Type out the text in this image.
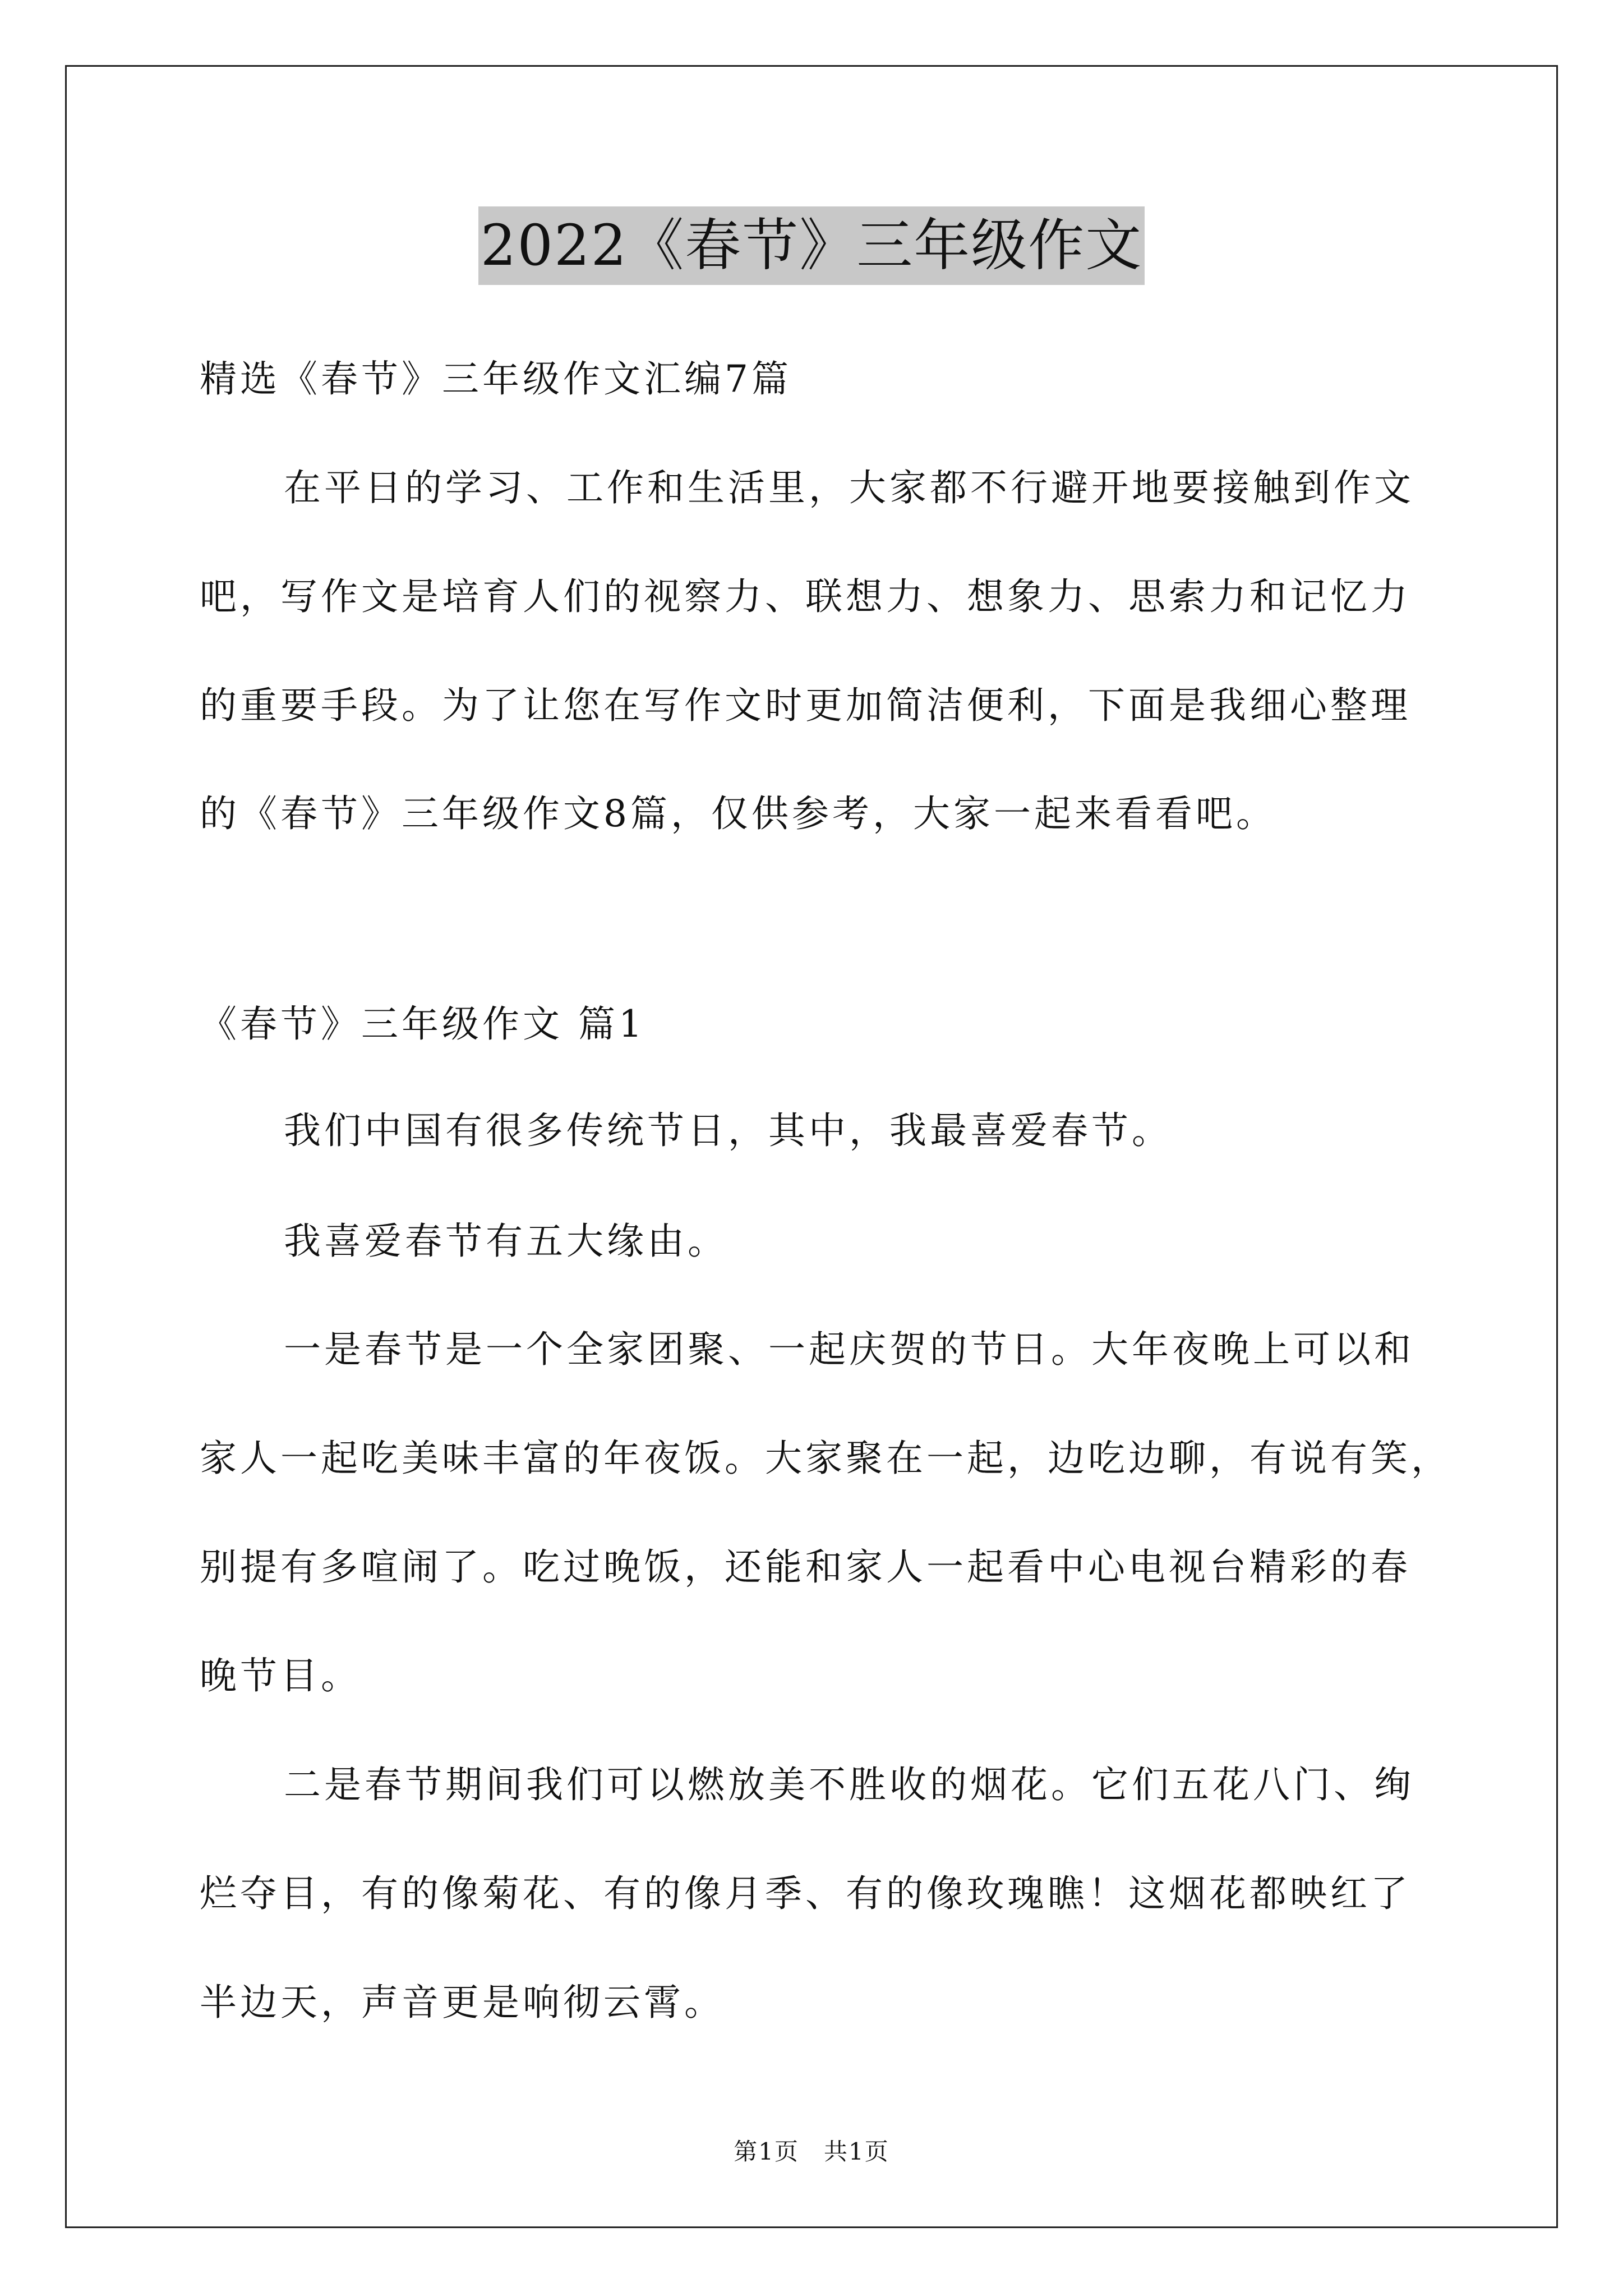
2022《春节》三年级作文
精选《春节》三年级作文汇编7篇
在平日的学习、工作和生活里，大家都不行避开地要接触到作文
吧，写作文是培育人们的视察力、联想力、想象力、思索力和记忆力
的重要手段。为了让您在写作文时更加简洁便利，下面是我细心整理
的《春节》三年级作文8篇，仅供参考，大家一起来看看吧。
《春节》三年级作文 篇1
我们中国有很多传统节日，其中，我最喜爱春节。
我喜爱春节有五大缘由。
一是春节是一个全家团聚、一起庆贺的节日。大年夜晚上可以和
家人一起吃美味丰富的年夜饭。大家聚在一起，边吃边聊，有说有笑，
别提有多喧闹了。吃过晚饭，还能和家人一起看中心电视台精彩的春
晚节目。
二是春节期间我们可以燃放美不胜收的烟花。它们五花八门、绚
烂夺目，有的像菊花、有的像月季、有的像玫瑰瞧！这烟花都映红了
半边天，声音更是响彻云霄。
第1页 共1页
